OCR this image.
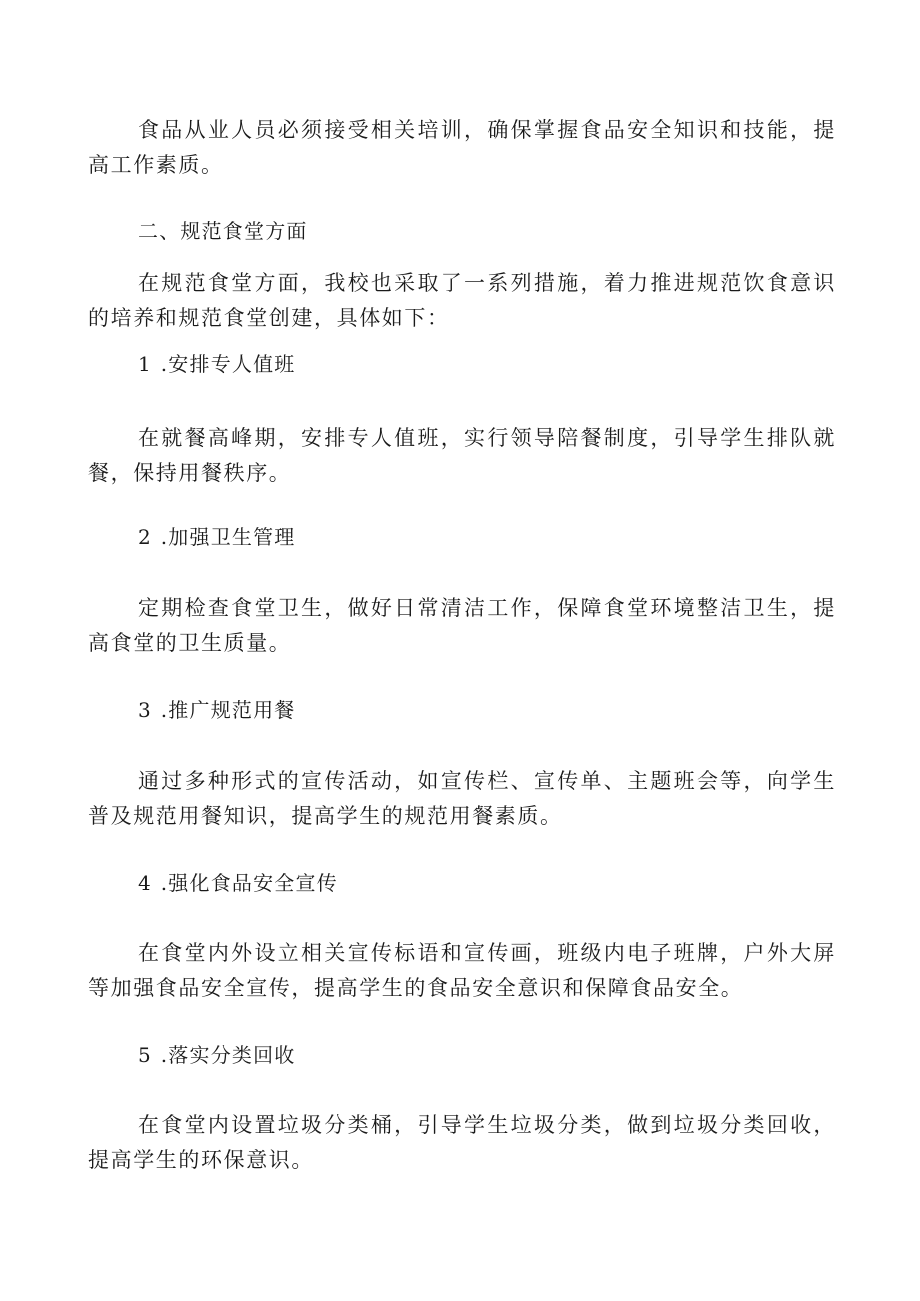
食品从业人员必须接受相关培训，确保掌握食品安全知识和技能，提高工作素质。

二、规范食堂方面

在规范食堂方面，我校也采取了一系列措施，着力推进规范饮食意识的培养和规范食堂创建，具体如下：

1 .安排专人值班

在就餐高峰期，安排专人值班，实行领导陪餐制度，引导学生排队就餐，保持用餐秩序。

2 .加强卫生管理

定期检查食堂卫生，做好日常清洁工作，保障食堂环境整洁卫生，提高食堂的卫生质量。

3 .推广规范用餐

通过多种形式的宣传活动，如宣传栏、宣传单、主题班会等，向学生普及规范用餐知识，提高学生的规范用餐素质。

4 .强化食品安全宣传

在食堂内外设立相关宣传标语和宣传画，班级内电子班牌，户外大屏等加强食品安全宣传，提高学生的食品安全意识和保障食品安全。

5 .落实分类回收

在食堂内设置垃圾分类桶，引导学生垃圾分类，做到垃圾分类回收，提高学生的环保意识。
